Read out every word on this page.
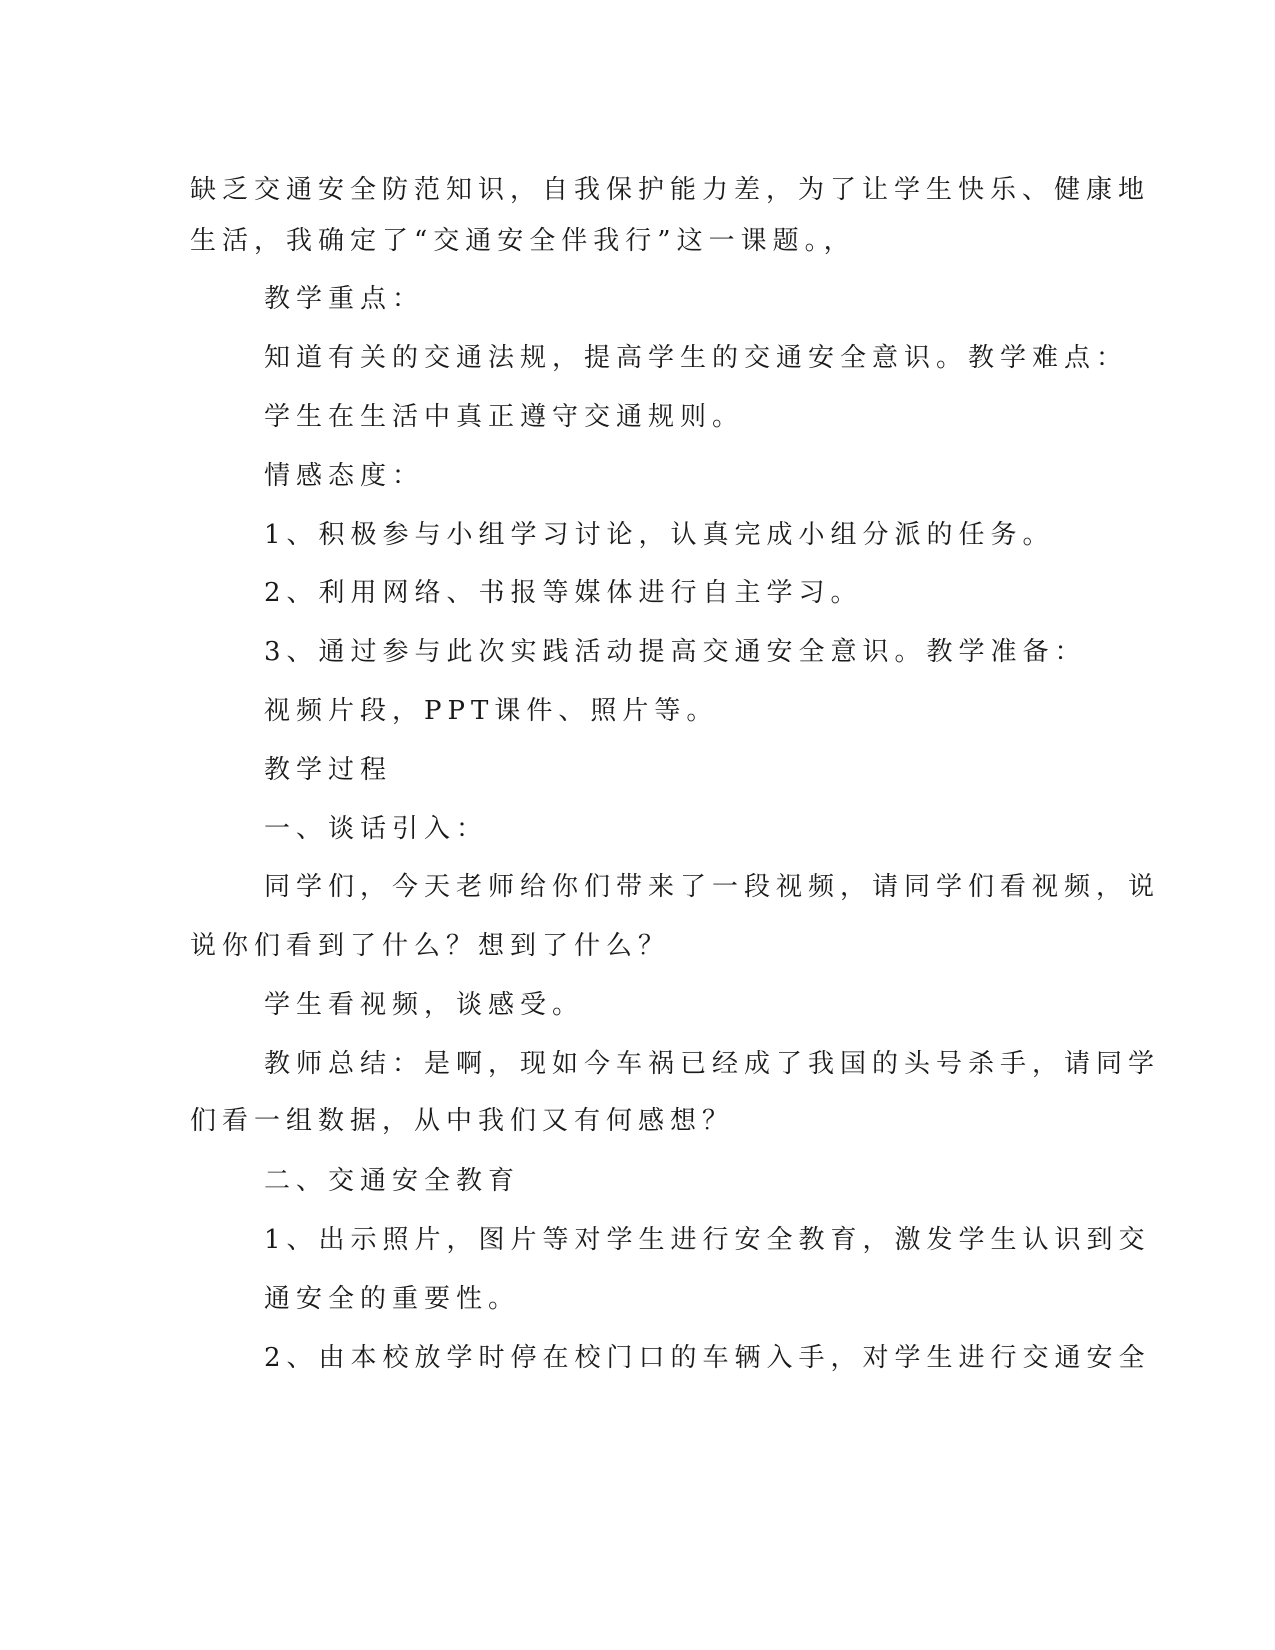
缺乏交通安全防范知识，自我保护能力差，为了让学生快乐、健康地
生活，我确定了“交通安全伴我行”这一课题。，
教学重点：
知道有关的交通法规，提高学生的交通安全意识。教学难点：
学生在生活中真正遵守交通规则。
情感态度：
1、积极参与小组学习讨论，认真完成小组分派的任务。
2、利用网络、书报等媒体进行自主学习。
3、通过参与此次实践活动提高交通安全意识。教学准备：
视频片段，PPT课件、照片等。
教学过程
一、谈话引入：
同学们，今天老师给你们带来了一段视频，请同学们看视频，说
说你们看到了什么？想到了什么？
学生看视频，谈感受。
教师总结：是啊，现如今车祸已经成了我国的头号杀手，请同学
们看一组数据，从中我们又有何感想？
二、交通安全教育
1、出示照片，图片等对学生进行安全教育，激发学生认识到交
通安全的重要性。
2、由本校放学时停在校门口的车辆入手，对学生进行交通安全
